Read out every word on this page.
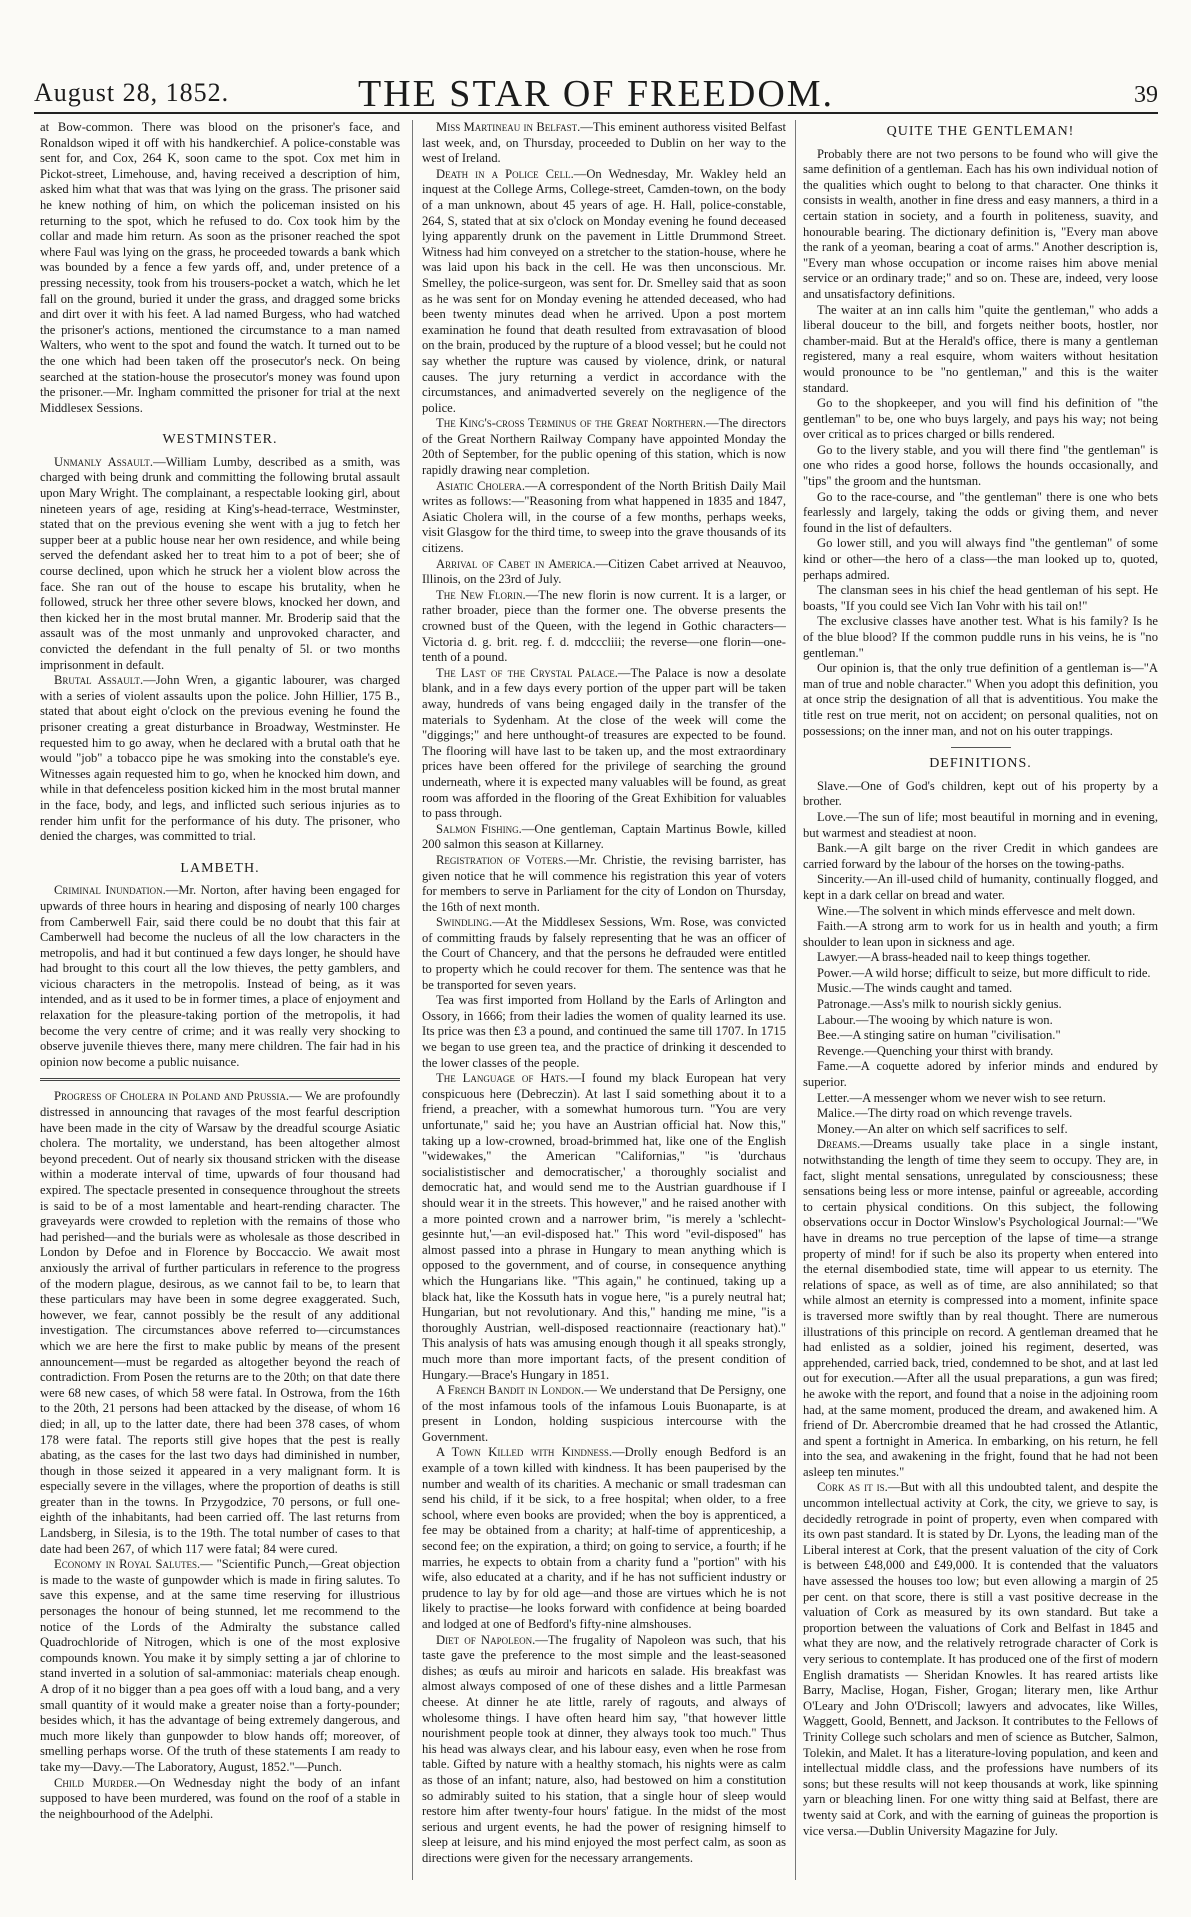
August 28, 1852.	THE STAR OF FREEDOM.	39

at Bow-common. There was blood on the prisoner's face, and Ronaldson wiped it off with his handkerchief. A police-constable was sent for, and Cox, 264 K, soon came to the spot. Cox met him in Pickot-street, Limehouse, and, having received a description of him, asked him what that was that was lying on the grass. The prisoner said he knew nothing of him, on which the policeman insisted on his returning to the spot, which he refused to do. Cox took him by the collar and made him return. As soon as the prisoner reached the spot where Faul was lying on the grass, he proceeded towards a bank which was bounded by a fence a few yards off, and, under pretence of a pressing necessity, took from his trousers-pocket a watch, which he let fall on the ground, buried it under the grass, and dragged some bricks and dirt over it with his feet. A lad named Burgess, who had watched the prisoner's actions, mentioned the circumstance to a man named Walters, who went to the spot and found the watch. It turned out to be the one which had been taken off the prosecutor's neck. On being searched at the station-house the prosecutor's money was found upon the prisoner.—Mr. Ingham committed the prisoner for trial at the next Middlesex Sessions.

WESTMINSTER.

Unmanly Assault.—William Lumby, described as a smith, was charged with being drunk and committing the following brutal assault upon Mary Wright. The complainant, a respectable looking girl, about nineteen years of age, residing at King's-head-terrace, Westminster, stated that on the previous evening she went with a jug to fetch her supper beer at a public house near her own residence, and while being served the defendant asked her to treat him to a pot of beer; she of course declined, upon which he struck her a violent blow across the face. She ran out of the house to escape his brutality, when he followed, struck her three other severe blows, knocked her down, and then kicked her in the most brutal manner. Mr. Broderip said that the assault was of the most unmanly and unprovoked character, and convicted the defendant in the full penalty of 5l. or two months imprisonment in default.

Brutal Assault.—John Wren, a gigantic labourer, was charged with a series of violent assaults upon the police. John Hillier, 175 B., stated that about eight o'clock on the previous evening he found the prisoner creating a great disturbance in Broadway, Westminster. He requested him to go away, when he declared with a brutal oath that he would "job" a tobacco pipe he was smoking into the constable's eye. Witnesses again requested him to go, when he knocked him down, and while in that defenceless position kicked him in the most brutal manner in the face, body, and legs, and inflicted such serious injuries as to render him unfit for the performance of his duty. The prisoner, who denied the charges, was committed to trial.

LAMBETH.

Criminal Inundation.—Mr. Norton, after having been engaged for upwards of three hours in hearing and disposing of nearly 100 charges from Camberwell Fair, said there could be no doubt that this fair at Camberwell had become the nucleus of all the low characters in the metropolis, and had it but continued a few days longer, he should have had brought to this court all the low thieves, the petty gamblers, and vicious characters in the metropolis. Instead of being, as it was intended, and as it used to be in former times, a place of enjoyment and relaxation for the pleasure-taking portion of the metropolis, it had become the very centre of crime; and it was really very shocking to observe juvenile thieves there, many mere children. The fair had in his opinion now become a public nuisance.

Progress of Cholera in Poland and Prussia.— We are profoundly distressed in announcing that ravages of the most fearful description have been made in the city of Warsaw by the dreadful scourge Asiatic cholera. The mortality, we understand, has been altogether almost beyond precedent. Out of nearly six thousand stricken with the disease within a moderate interval of time, upwards of four thousand had expired. The spectacle presented in consequence throughout the streets is said to be of a most lamentable and heart-rending character. The graveyards were crowded to repletion with the remains of those who had perished—and the burials were as wholesale as those described in London by Defoe and in Florence by Boccaccio. We await most anxiously the arrival of further particulars in reference to the progress of the modern plague, desirous, as we cannot fail to be, to learn that these particulars may have been in some degree exaggerated. Such, however, we fear, cannot possibly be the result of any additional investigation. The circumstances above referred to—circumstances which we are here the first to make public by means of the present announcement—must be regarded as altogether beyond the reach of contradiction. From Posen the returns are to the 20th; on that date there were 68 new cases, of which 58 were fatal. In Ostrowa, from the 16th to the 20th, 21 persons had been attacked by the disease, of whom 16 died; in all, up to the latter date, there had been 378 cases, of whom 178 were fatal. The reports still give hopes that the pest is really abating, as the cases for the last two days had diminished in number, though in those seized it appeared in a very malignant form. It is especially severe in the villages, where the proportion of deaths is still greater than in the towns. In Przygodzice, 70 persons, or full one-eighth of the inhabitants, had been carried off. The last returns from Landsberg, in Silesia, is to the 19th. The total number of cases to that date had been 267, of which 117 were fatal; 84 were cured.

Economy in Royal Salutes.— "Scientific Punch,—Great objection is made to the waste of gunpowder which is made in firing salutes. To save this expense, and at the same time reserving for illustrious personages the honour of being stunned, let me recommend to the notice of the Lords of the Admiralty the substance called Quadrochloride of Nitrogen, which is one of the most explosive compounds known. You make it by simply setting a jar of chlorine to stand inverted in a solution of sal-ammoniac: materials cheap enough. A drop of it no bigger than a pea goes off with a loud bang, and a very small quantity of it would make a greater noise than a forty-pounder; besides which, it has the advantage of being extremely dangerous, and much more likely than gunpowder to blow hands off; moreover, of smelling perhaps worse. Of the truth of these statements I am ready to take my—Davy.—The Laboratory, August, 1852."—Punch.

Child Murder.—On Wednesday night the body of an infant supposed to have been murdered, was found on the roof of a stable in the neighbourhood of the Adelphi.

Miss Martineau in Belfast.—This eminent authoress visited Belfast last week, and, on Thursday, proceeded to Dublin on her way to the west of Ireland.

Death in a Police Cell.—On Wednesday, Mr. Wakley held an inquest at the College Arms, College-street, Camden-town, on the body of a man unknown, about 45 years of age. H. Hall, police-constable, 264, S, stated that at six o'clock on Monday evening he found deceased lying apparently drunk on the pavement in Little Drummond Street. Witness had him conveyed on a stretcher to the station-house, where he was laid upon his back in the cell. He was then unconscious. Mr. Smelley, the police-surgeon, was sent for. Dr. Smelley said that as soon as he was sent for on Monday evening he attended deceased, who had been twenty minutes dead when he arrived. Upon a post mortem examination he found that death resulted from extravasation of blood on the brain, produced by the rupture of a blood vessel; but he could not say whether the rupture was caused by violence, drink, or natural causes. The jury returning a verdict in accordance with the circumstances, and animadverted severely on the negligence of the police.

The King's-cross Terminus of the Great Northern.—The directors of the Great Northern Railway Company have appointed Monday the 20th of September, for the public opening of this station, which is now rapidly drawing near completion.

Asiatic Cholera.—A correspondent of the North British Daily Mail writes as follows:—"Reasoning from what happened in 1835 and 1847, Asiatic Cholera will, in the course of a few months, perhaps weeks, visit Glasgow for the third time, to sweep into the grave thousands of its citizens.

Arrival of Cabet in America.—Citizen Cabet arrived at Neauvoo, Illinois, on the 23rd of July.

The New Florin.—The new florin is now current. It is a larger, or rather broader, piece than the former one. The obverse presents the crowned bust of the Queen, with the legend in Gothic characters—Victoria d. g. brit. reg. f. d. mdcccliii; the reverse—one florin—one-tenth of a pound.

The Last of the Crystal Palace.—The Palace is now a desolate blank, and in a few days every portion of the upper part will be taken away, hundreds of vans being engaged daily in the transfer of the materials to Sydenham. At the close of the week will come the "diggings;" and here unthought-of treasures are expected to be found. The flooring will have last to be taken up, and the most extraordinary prices have been offered for the privilege of searching the ground underneath, where it is expected many valuables will be found, as great room was afforded in the flooring of the Great Exhibition for valuables to pass through.

Salmon Fishing.—One gentleman, Captain Martinus Bowle, killed 200 salmon this season at Killarney.

Registration of Voters.—Mr. Christie, the revising barrister, has given notice that he will commence his registration this year of voters for members to serve in Parliament for the city of London on Thursday, the 16th of next month.

Swindling.—At the Middlesex Sessions, Wm. Rose, was convicted of committing frauds by falsely representing that he was an officer of the Court of Chancery, and that the persons he defrauded were entitled to property which he could recover for them. The sentence was that he be transported for seven years.

Tea was first imported from Holland by the Earls of Arlington and Ossory, in 1666; from their ladies the women of quality learned its use. Its price was then £3 a pound, and continued the same till 1707. In 1715 we began to use green tea, and the practice of drinking it descended to the lower classes of the people.

The Language of Hats.—I found my black European hat very conspicuous here (Debreczin). At last I said something about it to a friend, a preacher, with a somewhat humorous turn. "You are very unfortunate," said he; you have an Austrian official hat. Now this," taking up a low-crowned, broad-brimmed hat, like one of the English "widewakes," the American "Californias," "is 'durchaus socialististischer and democratischer,' a thoroughly socialist and democratic hat, and would send me to the Austrian guardhouse if I should wear it in the streets. This however," and he raised another with a more pointed crown and a narrower brim, "is merely a 'schlecht-gesinnte hut,'—an evil-disposed hat." This word "evil-disposed" has almost passed into a phrase in Hungary to mean anything which is opposed to the government, and of course, in consequence anything which the Hungarians like. "This again," he continued, taking up a black hat, like the Kossuth hats in vogue here, "is a purely neutral hat; Hungarian, but not revolutionary. And this," handing me mine, "is a thoroughly Austrian, well-disposed reactionnaire (reactionary hat)." This analysis of hats was amusing enough though it all speaks strongly, much more than more important facts, of the present condition of Hungary.—Brace's Hungary in 1851.

A French Bandit in London.— We understand that De Persigny, one of the most infamous tools of the infamous Louis Buonaparte, is at present in London, holding suspicious intercourse with the Government.

A Town Killed with Kindness.—Drolly enough Bedford is an example of a town killed with kindness. It has been pauperised by the number and wealth of its charities. A mechanic or small tradesman can send his child, if it be sick, to a free hospital; when older, to a free school, where even books are provided; when the boy is apprenticed, a fee may be obtained from a charity; at half-time of apprenticeship, a second fee; on the expiration, a third; on going to service, a fourth; if he marries, he expects to obtain from a charity fund a "portion" with his wife, also educated at a charity, and if he has not sufficient industry or prudence to lay by for old age—and those are virtues which he is not likely to practise—he looks forward with confidence at being boarded and lodged at one of Bedford's fifty-nine almshouses.

Diet of Napoleon.—The frugality of Napoleon was such, that his taste gave the preference to the most simple and the least-seasoned dishes; as œufs au miroir and haricots en salade. His breakfast was almost always composed of one of these dishes and a little Parmesan cheese. At dinner he ate little, rarely of ragouts, and always of wholesome things. I have often heard him say, "that however little nourishment people took at dinner, they always took too much." Thus his head was always clear, and his labour easy, even when he rose from table. Gifted by nature with a healthy stomach, his nights were as calm as those of an infant; nature, also, had bestowed on him a constitution so admirably suited to his station, that a single hour of sleep would restore him after twenty-four hours' fatigue. In the midst of the most serious and urgent events, he had the power of resigning himself to sleep at leisure, and his mind enjoyed the most perfect calm, as soon as directions were given for the necessary arrangements.

QUITE THE GENTLEMAN!

Probably there are not two persons to be found who will give the same definition of a gentleman. Each has his own individual notion of the qualities which ought to belong to that character. One thinks it consists in wealth, another in fine dress and easy manners, a third in a certain station in society, and a fourth in politeness, suavity, and honourable bearing. The dictionary definition is, "Every man above the rank of a yeoman, bearing a coat of arms." Another description is, "Every man whose occupation or income raises him above menial service or an ordinary trade;" and so on. These are, indeed, very loose and unsatisfactory definitions.

The waiter at an inn calls him "quite the gentleman," who adds a liberal douceur to the bill, and forgets neither boots, hostler, nor chamber-maid. But at the Herald's office, there is many a gentleman registered, many a real esquire, whom waiters without hesitation would pronounce to be "no gentleman," and this is the waiter standard.

Go to the shopkeeper, and you will find his definition of "the gentleman" to be, one who buys largely, and pays his way; not being over critical as to prices charged or bills rendered.

Go to the livery stable, and you will there find "the gentleman" is one who rides a good horse, follows the hounds occasionally, and "tips" the groom and the huntsman.

Go to the race-course, and "the gentleman" there is one who bets fearlessly and largely, taking the odds or giving them, and never found in the list of defaulters.

Go lower still, and you will always find "the gentleman" of some kind or other—the hero of a class—the man looked up to, quoted, perhaps admired.

The clansman sees in his chief the head gentleman of his sept. He boasts, "If you could see Vich Ian Vohr with his tail on!"

The exclusive classes have another test. What is his family? Is he of the blue blood? If the common puddle runs in his veins, he is "no gentleman."

Our opinion is, that the only true definition of a gentleman is—"A man of true and noble character." When you adopt this definition, you at once strip the designation of all that is adventitious. You make the title rest on true merit, not on accident; on personal qualities, not on possessions; on the inner man, and not on his outer trappings.

DEFINITIONS.

Slave.—One of God's children, kept out of his property by a brother.

Love.—The sun of life; most beautiful in morning and in evening, but warmest and steadiest at noon.

Bank.—A gilt barge on the river Credit in which gandees are carried forward by the labour of the horses on the towing-paths.

Sincerity.—An ill-used child of humanity, continually flogged, and kept in a dark cellar on bread and water.

Wine.—The solvent in which minds effervesce and melt down.

Faith.—A strong arm to work for us in health and youth; a firm shoulder to lean upon in sickness and age.

Lawyer.—A brass-headed nail to keep things together.

Power.—A wild horse; difficult to seize, but more difficult to ride.

Music.—The winds caught and tamed.

Patronage.—Ass's milk to nourish sickly genius.

Labour.—The wooing by which nature is won.

Bee.—A stinging satire on human "civilisation."

Revenge.—Quenching your thirst with brandy.

Fame.—A coquette adored by inferior minds and endured by superior.

Letter.—A messenger whom we never wish to see return.

Malice.—The dirty road on which revenge travels.

Money.—An alter on which self sacrifices to self.

Dreams.—Dreams usually take place in a single instant, notwithstanding the length of time they seem to occupy. They are, in fact, slight mental sensations, unregulated by consciousness; these sensations being less or more intense, painful or agreeable, according to certain physical conditions. On this subject, the following observations occur in Doctor Winslow's Psychological Journal:—"We have in dreams no true perception of the lapse of time—a strange property of mind! for if such be also its property when entered into the eternal disembodied state, time will appear to us eternity. The relations of space, as well as of time, are also annihilated; so that while almost an eternity is compressed into a moment, infinite space is traversed more swiftly than by real thought. There are numerous illustrations of this principle on record. A gentleman dreamed that he had enlisted as a soldier, joined his regiment, deserted, was apprehended, carried back, tried, condemned to be shot, and at last led out for execution.—After all the usual preparations, a gun was fired; he awoke with the report, and found that a noise in the adjoining room had, at the same moment, produced the dream, and awakened him. A friend of Dr. Abercrombie dreamed that he had crossed the Atlantic, and spent a fortnight in America. In embarking, on his return, he fell into the sea, and awakening in the fright, found that he had not been asleep ten minutes."

Cork as it is.—But with all this undoubted talent, and despite the uncommon intellectual activity at Cork, the city, we grieve to say, is decidedly retrograde in point of property, even when compared with its own past standard. It is stated by Dr. Lyons, the leading man of the Liberal interest at Cork, that the present valuation of the city of Cork is between £48,000 and £49,000. It is contended that the valuators have assessed the houses too low; but even allowing a margin of 25 per cent. on that score, there is still a vast positive decrease in the valuation of Cork as measured by its own standard. But take a proportion between the valuations of Cork and Belfast in 1845 and what they are now, and the relatively retrograde character of Cork is very serious to contemplate. It has produced one of the first of modern English dramatists — Sheridan Knowles. It has reared artists like Barry, Maclise, Hogan, Fisher, Grogan; literary men, like Arthur O'Leary and John O'Driscoll; lawyers and advocates, like Willes, Waggett, Goold, Bennett, and Jackson. It contributes to the Fellows of Trinity College such scholars and men of science as Butcher, Salmon, Tolekin, and Malet. It has a literature-loving population, and keen and intellectual middle class, and the professions have numbers of its sons; but these results will not keep thousands at work, like spinning yarn or bleaching linen. For one witty thing said at Belfast, there are twenty said at Cork, and with the earning of guineas the proportion is vice versa.—Dublin University Magazine for July.
